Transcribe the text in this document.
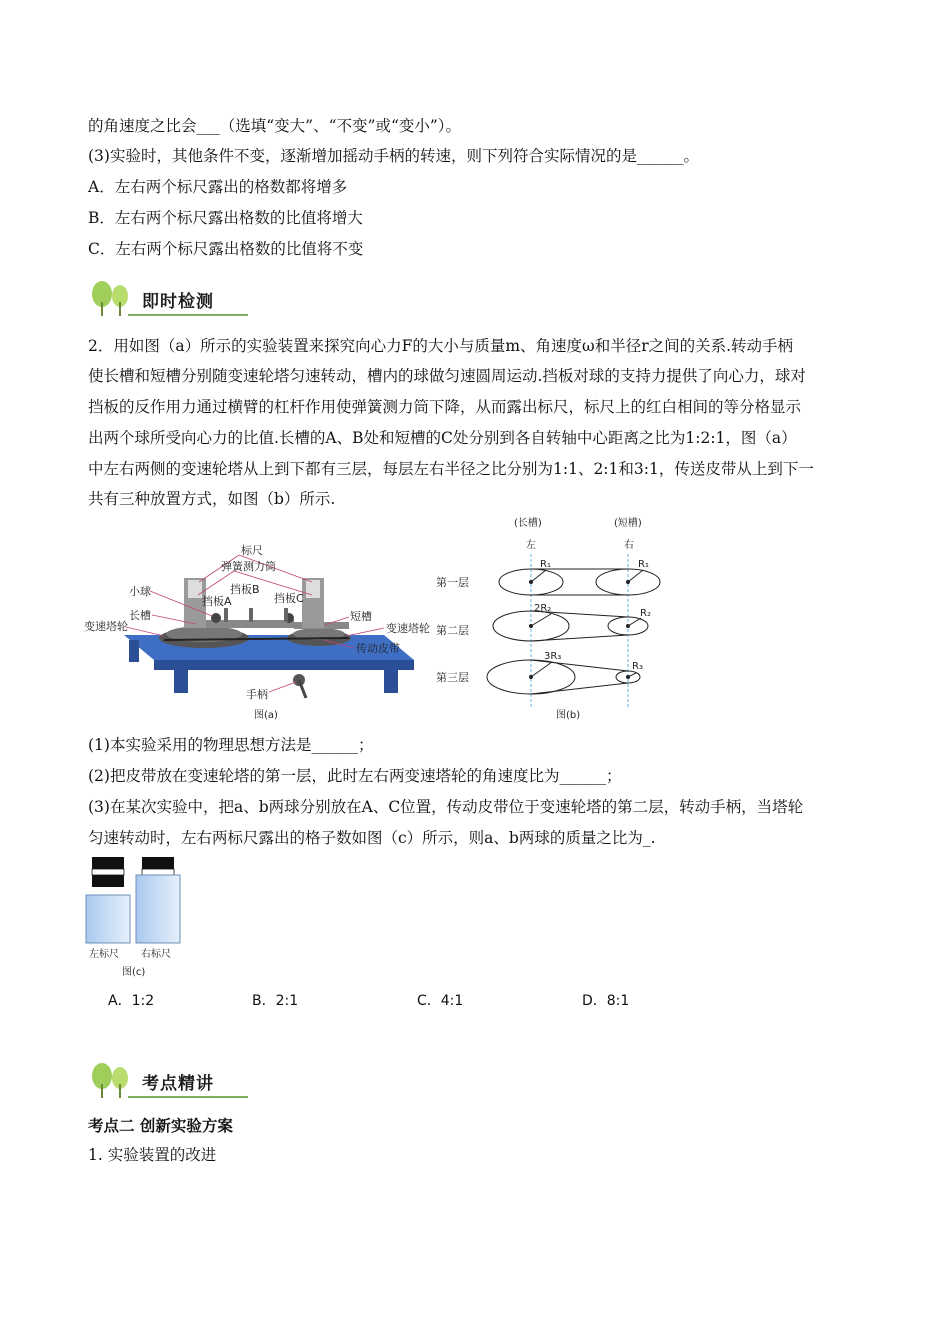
的角速度之比会___（选填“变大”、“不变”或“变小”）。
(3)实验时，其他条件不变，逐渐增加摇动手柄的转速，则下列符合实际情况的是______。
A．左右两个标尺露出的格数都将增多
B．左右两个标尺露出格数的比值将增大
C．左右两个标尺露出格数的比值将不变
即时检测
2．用如图（a）所示的实验装置来探究向心力F的大小与质量m、角速度ω和半径r之间的关系.转动手柄
使长槽和短槽分别随变速轮塔匀速转动，槽内的球做匀速圆周运动.挡板对球的支持力提供了向心力，球对
挡板的反作用力通过横臂的杠杆作用使弹簧测力筒下降，从而露出标尺，标尺上的红白相间的等分格显示
出两个球所受向心力的比值.长槽的A、B处和短槽的C处分别到各自转轴中心距离之比为1:2:1，图（a）
中左右两侧的变速轮塔从上到下都有三层，每层左右半径之比分别为1:1、2:1和3:1，传送皮带从上到下一
共有三种放置方式，如图（b）所示.
标尺
弹簧测力筒
挡板B
小球
挡板A	挡板C
长槽	短槽
变速塔轮	变速塔轮
传动皮带
手柄
图(a)
(长槽)	(短槽)
左	右
第一层
R₁	R₁
第二层
2R₂	R₂
第三层
3R₃
R₃
图(b)
(1)本实验采用的物理思想方法是______；
(2)把皮带放在变速轮塔的第一层，此时左右两变速塔轮的角速度比为______；
(3)在某次实验中，把a、b两球分别放在A、C位置，传动皮带位于变速轮塔的第二层，转动手柄，当塔轮
匀速转动时，左右两标尺露出的格子数如图（c）所示，则a、b两球的质量之比为_.
左标尺 右标尺
图(c)
A．1:2	B．2:1	C．4:1	D．8:1
考点精讲
考点二 创新实验方案
1. 实验装置的改进
